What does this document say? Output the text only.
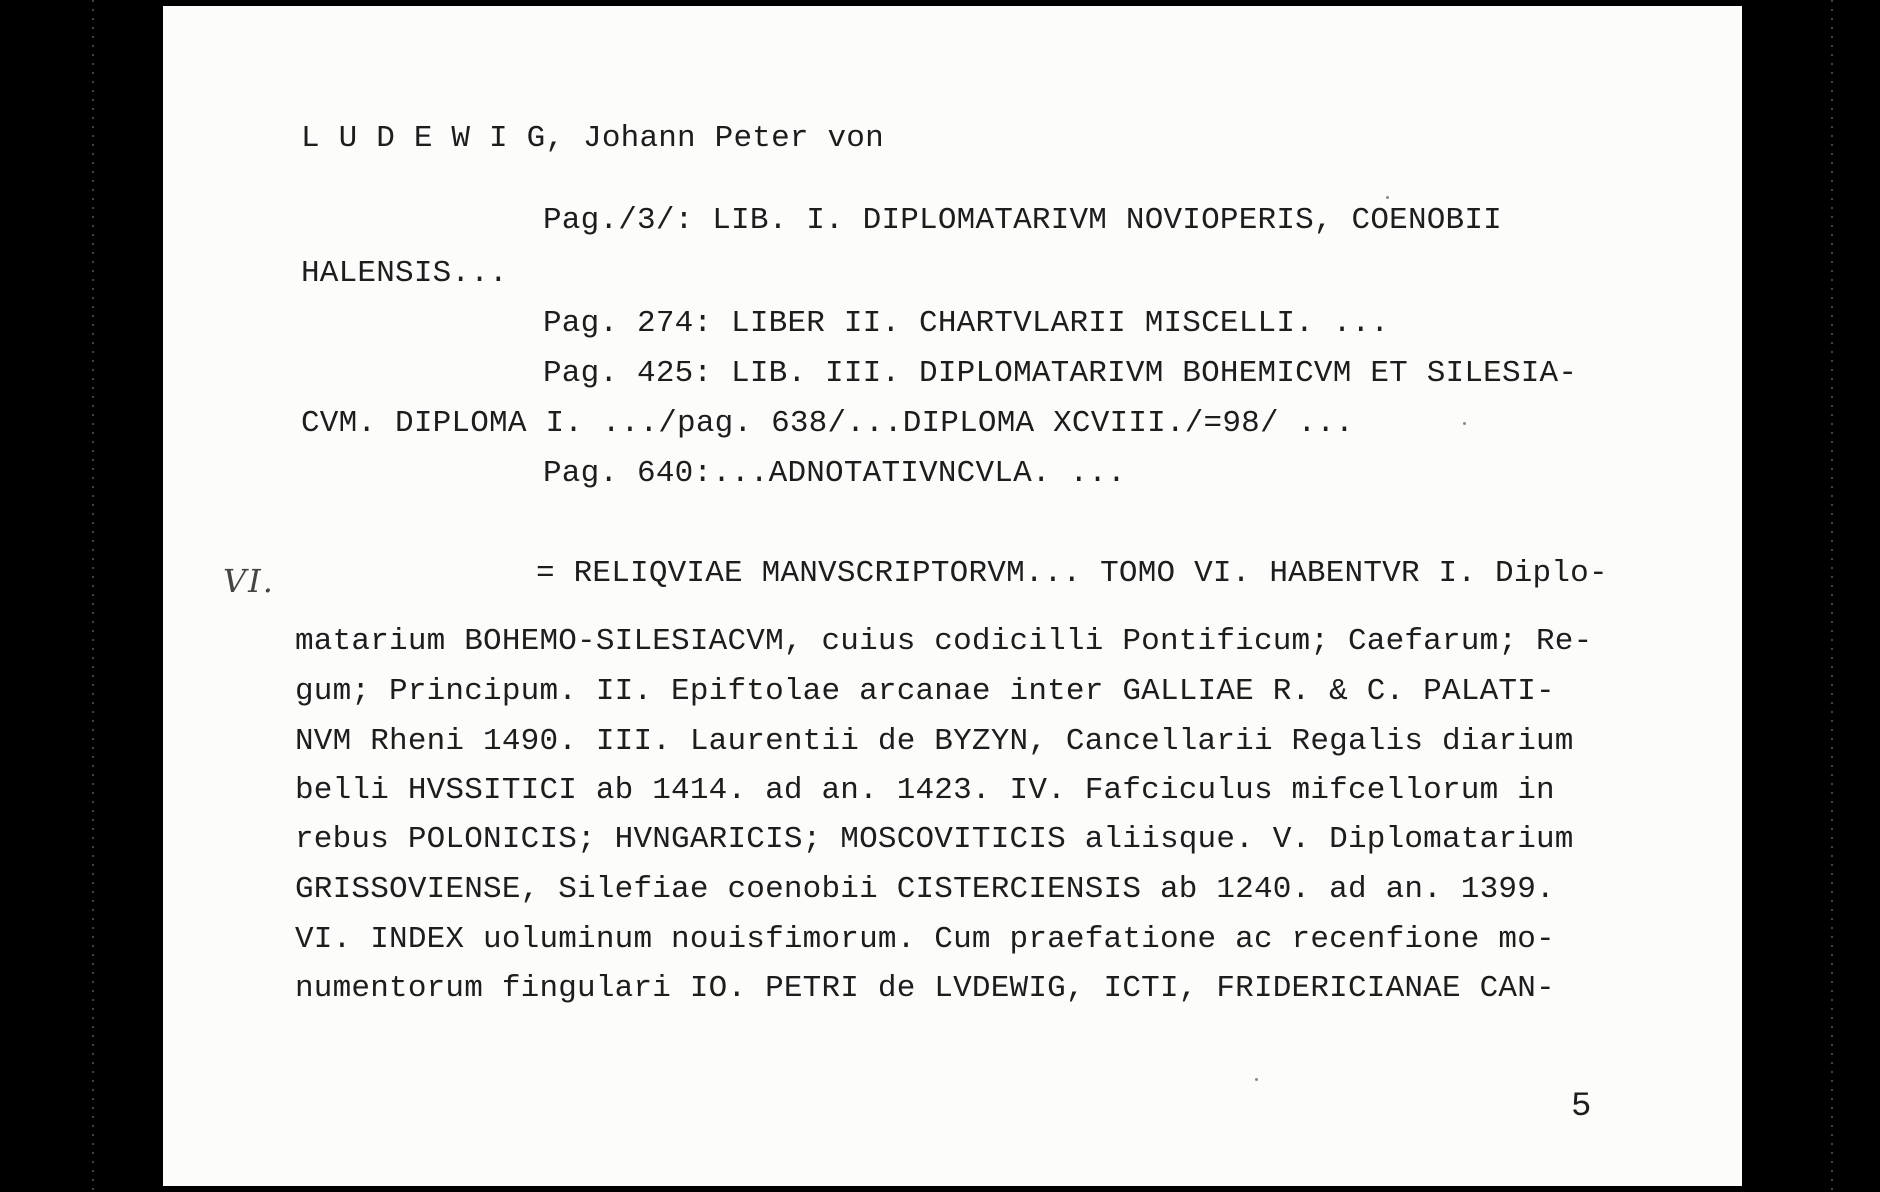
L U D E W I G, Johann Peter von

Pag./3/: LIB. I. DIPLOMATARIVM NOVIOPERIS, COENOBII

HALENSIS...

Pag. 274: LIBER II. CHARTVLARII MISCELLI. ...

Pag. 425: LIB. III. DIPLOMATARIVM BOHEMICVM ET SILESIA-

CVM. DIPLOMA I. .../pag. 638/...DIPLOMA XCVIII./=98/ ...

Pag. 640:...ADNOTATIVNCVLA. ...

VI.	= RELIQVIAE MANVSCRIPTORVM... TOMO VI. HABENTVR I. Diplo-

matarium BOHEMO-SILESIACVM, cuius codicilli Pontificum; Caefarum; Re-

gum; Principum. II. Epiftolae arcanae inter GALLIAE R. & C. PALATI-

NVM Rheni 1490. III. Laurentii de BYZYN, Cancellarii Regalis diarium

belli HVSSITICI ab 1414. ad an. 1423. IV. Fafciculus mifcellorum in

rebus POLONICIS; HVNGARICIS; MOSCOVITICIS aliisque. V. Diplomatarium

GRISSOVIENSE, Silefiae coenobii CISTERCIENSIS ab 1240. ad an. 1399.

VI. INDEX uoluminum nouisfimorum. Cum praefatione ac recenfione mo-

numentorum fingulari IO. PETRI de LVDEWIG, ICTI, FRIDERICIANAE CAN-

5
